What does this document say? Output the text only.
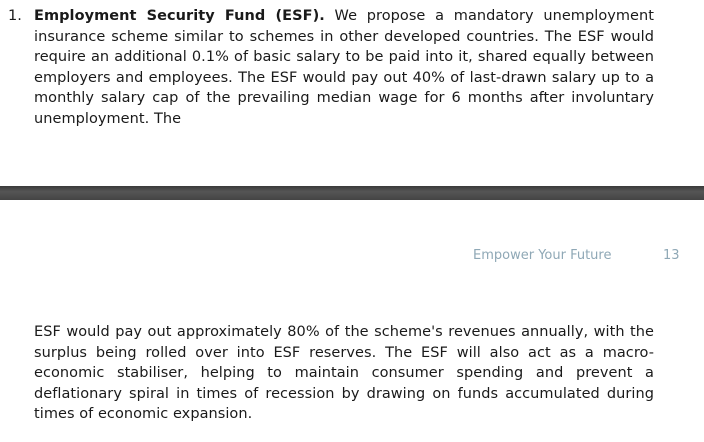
1. Employment Security Fund (ESF). We propose a mandatory unemployment insurance scheme similar to schemes in other developed countries. The ESF would require an additional 0.1% of basic salary to be paid into it, shared equally between employers and employees. The ESF would pay out 40% of last-drawn salary up to a monthly salary cap of the prevailing median wage for 6 months after involuntary unemployment. The
Empower Your Future	13
ESF would pay out approximately 80% of the scheme's revenues annually, with the surplus being rolled over into ESF reserves. The ESF will also act as a macro-economic stabiliser, helping to maintain consumer spending and prevent a deflationary spiral in times of recession by drawing on funds accumulated during times of economic expansion.
